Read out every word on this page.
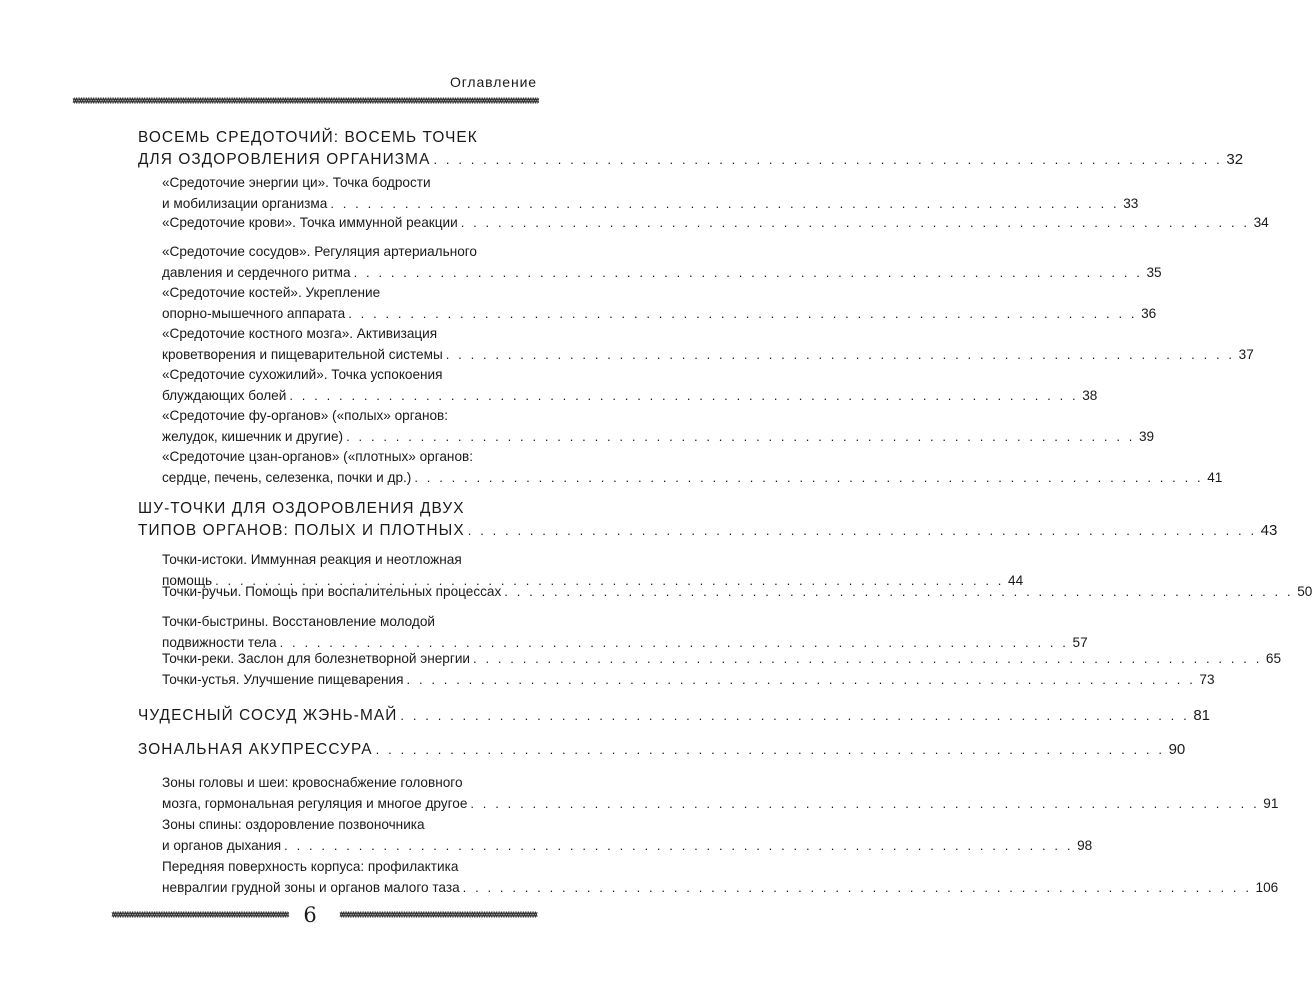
Оглавление
ВОСЕМЬ СРЕДОТОЧИЙ: ВОСЕМЬ ТОЧЕК
ДЛЯ ОЗДОРОВЛЕНИЯ ОРГАНИЗМА . . . . . . . . . . . . . . . . . . . . . . . . . . . . . . . . . . . . . . . . . . . . . . . . . . . . . . . . . . . . . . . . 32
«Средоточие энергии ци». Точка бодрости
и мобилизации организма . . . . . . . . . . . . . . . . . . . . . . . . . . . . . . . . . . . . . . . . . . . . . . . . . . . . . . . . . . . . . . . . 33
«Средоточие крови». Точка иммунной реакции . . . . . . . . . . . . . . . . . . . . . . . . . . . . . . . . . . . . . . . . . . . . . . . . . . . . . . . . . . . . . . . . 34
«Средоточие сосудов». Регуляция артериального
давления и сердечного ритма . . . . . . . . . . . . . . . . . . . . . . . . . . . . . . . . . . . . . . . . . . . . . . . . . . . . . . . . . . . . . . . . 35
«Средоточие костей». Укрепление
опорно-мышечного аппарата . . . . . . . . . . . . . . . . . . . . . . . . . . . . . . . . . . . . . . . . . . . . . . . . . . . . . . . . . . . . . . . . 36
«Средоточие костного мозга». Активизация
кроветворения и пищеварительной системы . . . . . . . . . . . . . . . . . . . . . . . . . . . . . . . . . . . . . . . . . . . . . . . . . . . . . . . . . . . . . . . . 37
«Средоточие сухожилий». Точка успокоения
блуждающих болей . . . . . . . . . . . . . . . . . . . . . . . . . . . . . . . . . . . . . . . . . . . . . . . . . . . . . . . . . . . . . . . . 38
«Средоточие фу-органов» («полых» органов:
желудок, кишечник и другие) . . . . . . . . . . . . . . . . . . . . . . . . . . . . . . . . . . . . . . . . . . . . . . . . . . . . . . . . . . . . . . . . 39
«Средоточие цзан-органов» («плотных» органов:
сердце, печень, селезенка, почки и др.) . . . . . . . . . . . . . . . . . . . . . . . . . . . . . . . . . . . . . . . . . . . . . . . . . . . . . . . . . . . . . . . . 41
ШУ-ТОЧКИ ДЛЯ ОЗДОРОВЛЕНИЯ ДВУХ
ТИПОВ ОРГАНОВ: ПОЛЫХ И ПЛОТНЫХ . . . . . . . . . . . . . . . . . . . . . . . . . . . . . . . . . . . . . . . . . . . . . . . . . . . . . . . . . . . . . . . . 43
Точки-истоки. Иммунная реакция и неотложная
помощь . . . . . . . . . . . . . . . . . . . . . . . . . . . . . . . . . . . . . . . . . . . . . . . . . . . . . . . . . . . . . . . . 44
Точки-ручьи. Помощь при воспалительных процессах . . . . . . . . . . . . . . . . . . . . . . . . . . . . . . . . . . . . . . . . . . . . . . . . . . . . . . . . . . . . . . . . 50
Точки-быстрины. Восстановление молодой
подвижности тела . . . . . . . . . . . . . . . . . . . . . . . . . . . . . . . . . . . . . . . . . . . . . . . . . . . . . . . . . . . . . . . . 57
Точки-реки. Заслон для болезнетворной энергии . . . . . . . . . . . . . . . . . . . . . . . . . . . . . . . . . . . . . . . . . . . . . . . . . . . . . . . . . . . . . . . . 65
Точки-устья. Улучшение пищеварения . . . . . . . . . . . . . . . . . . . . . . . . . . . . . . . . . . . . . . . . . . . . . . . . . . . . . . . . . . . . . . . . 73
ЧУДЕСНЫЙ СОСУД ЖЭНЬ-МАЙ . . . . . . . . . . . . . . . . . . . . . . . . . . . . . . . . . . . . . . . . . . . . . . . . . . . . . . . . . . . . . . . . 81
ЗОНАЛЬНАЯ АКУПРЕССУРА . . . . . . . . . . . . . . . . . . . . . . . . . . . . . . . . . . . . . . . . . . . . . . . . . . . . . . . . . . . . . . . . 90
Зоны головы и шеи: кровоснабжение головного
мозга, гормональная регуляция и многое другое . . . . . . . . . . . . . . . . . . . . . . . . . . . . . . . . . . . . . . . . . . . . . . . . . . . . . . . . . . . . . . . . 91
Зоны спины: оздоровление позвоночника
и органов дыхания . . . . . . . . . . . . . . . . . . . . . . . . . . . . . . . . . . . . . . . . . . . . . . . . . . . . . . . . . . . . . . . . 98
Передняя поверхность корпуса: профилактика
невралгии грудной зоны и органов малого таза . . . . . . . . . . . . . . . . . . . . . . . . . . . . . . . . . . . . . . . . . . . . . . . . . . . . . . . . . . . . . . . . 106
6
